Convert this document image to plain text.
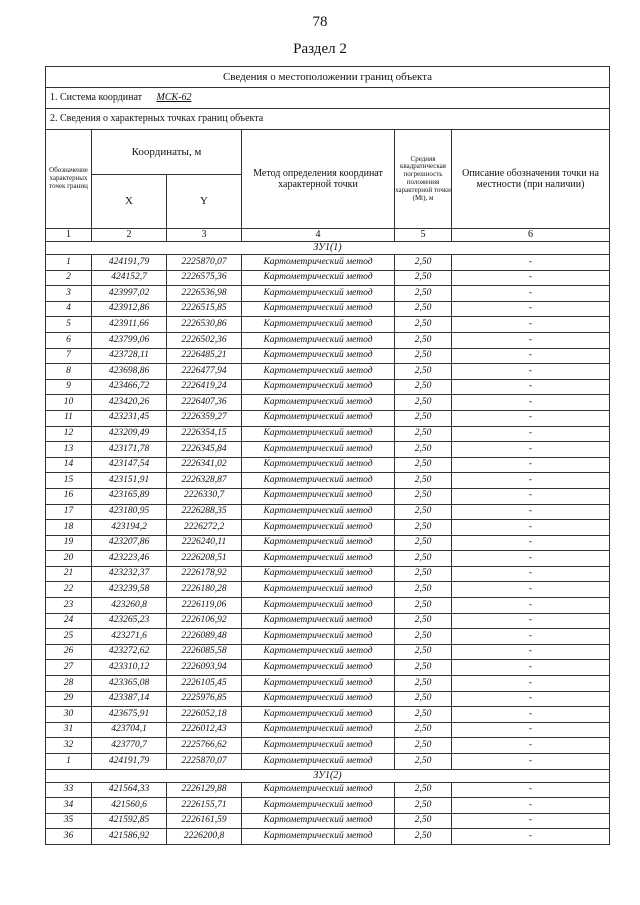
78
Раздел 2
Сведения о местоположении границ объекта					
1. Система координат МСК-62					
2. Сведения о характерных точках границ объекта					
Обозначение характерных точек границ	Координаты, м		Метод определения координат характерной точки	Средняя квадратическая погрешность положения характерной точки (Mt), м	Описание обозначения точки на местности (при наличии)
	X	Y			
1	2	3	4	5	6
ЗУ1(1)					
1	424191,79	2225870,07	Картометрический метод	2,50	-
2	424152,7	2226575,36	Картометрический метод	2,50	-
3	423997,02	2226536,98	Картометрический метод	2,50	-
4	423912,86	2226515,85	Картометрический метод	2,50	-
5	423911,66	2226530,86	Картометрический метод	2,50	-
6	423799,06	2226502,36	Картометрический метод	2,50	-
7	423728,11	2226485,21	Картометрический метод	2,50	-
8	423698,86	2226477,94	Картометрический метод	2,50	-
9	423466,72	2226419,24	Картометрический метод	2,50	-
10	423420,26	2226407,36	Картометрический метод	2,50	-
11	423231,45	2226359,27	Картометрический метод	2,50	-
12	423209,49	2226354,15	Картометрический метод	2,50	-
13	423171,78	2226345,84	Картометрический метод	2,50	-
14	423147,54	2226341,02	Картометрический метод	2,50	-
15	423151,91	2226328,87	Картометрический метод	2,50	-
16	423165,89	2226330,7	Картометрический метод	2,50	-
17	423180,95	2226288,35	Картометрический метод	2,50	-
18	423194,2	2226272,2	Картометрический метод	2,50	-
19	423207,86	2226240,11	Картометрический метод	2,50	-
20	423223,46	2226208,51	Картометрический метод	2,50	-
21	423232,37	2226178,92	Картометрический метод	2,50	-
22	423239,58	2226180,28	Картометрический метод	2,50	-
23	423260,8	2226119,06	Картометрический метод	2,50	-
24	423265,23	2226106,92	Картометрический метод	2,50	-
25	423271,6	2226089,48	Картометрический метод	2,50	-
26	423272,62	2226085,58	Картометрический метод	2,50	-
27	423310,12	2226093,94	Картометрический метод	2,50	-
28	423365,08	2226105,45	Картометрический метод	2,50	-
29	423387,14	2225976,85	Картометрический метод	2,50	-
30	423675,91	2226052,18	Картометрический метод	2,50	-
31	423704,1	2226012,43	Картометрический метод	2,50	-
32	423770,7	2225766,62	Картометрический метод	2,50	-
1	424191,79	2225870,07	Картометрический метод	2,50	-
ЗУ1(2)					
33	421564,33	2226129,88	Картометрический метод	2,50	-
34	421560,6	2226155,71	Картометрический метод	2,50	-
35	421592,85	2226161,59	Картометрический метод	2,50	-
36	421586,92	2226200,8	Картометрический метод	2,50	-
